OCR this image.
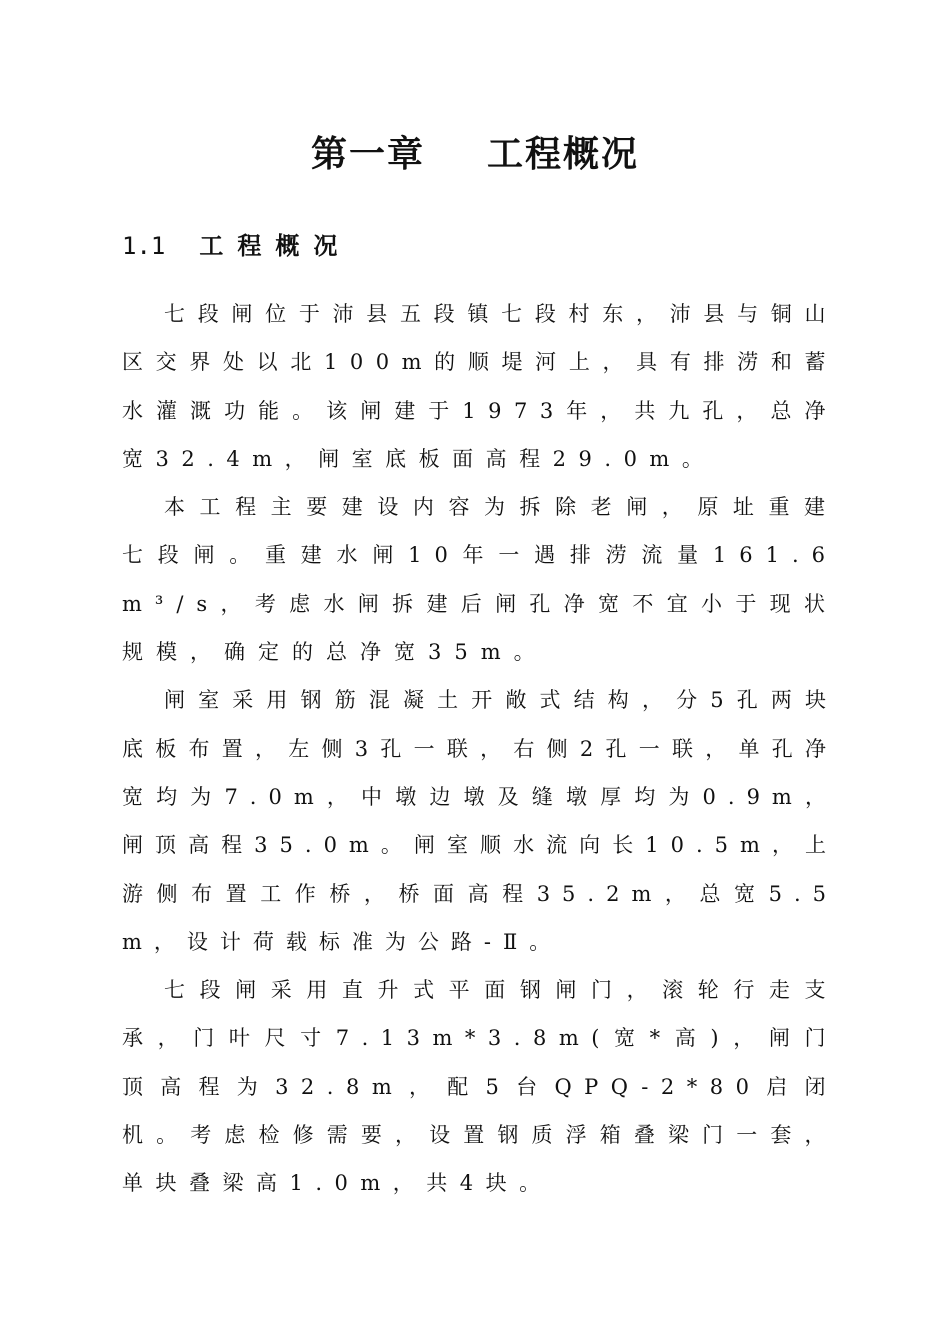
第一章 工程概况
1.1 工程概况

七段闸位于沛县五段镇七段村东，沛县与铜山区交界处以北100m的顺堤河上，具有排涝和蓄水灌溉功能。该闸建于1973年，共九孔，总净宽32.4m，闸室底板面高程29.0m。

本工程主要建设内容为拆除老闸，原址重建七段闸。重建水闸10年一遇排涝流量161.6m³/s，考虑水闸拆建后闸孔净宽不宜小于现状规模，确定的总净宽35m。

闸室采用钢筋混凝土开敞式结构，分5孔两块底板布置，左侧3孔一联，右侧2孔一联，单孔净宽均为7.0m，中墩边墩及缝墩厚均为0.9m，闸顶高程35.0m。闸室顺水流向长10.5m，上游侧布置工作桥，桥面高程35.2m，总宽5.5m，设计荷载标准为公路-Ⅱ。

七段闸采用直升式平面钢闸门，滚轮行走支承，门叶尺寸7.13m*3.8m(宽*高)，闸门顶高程为32.8m，配5台QPQ-2*80启闭机。考虑检修需要，设置钢质浮箱叠梁门一套，单块叠梁高1.0m，共4块。
